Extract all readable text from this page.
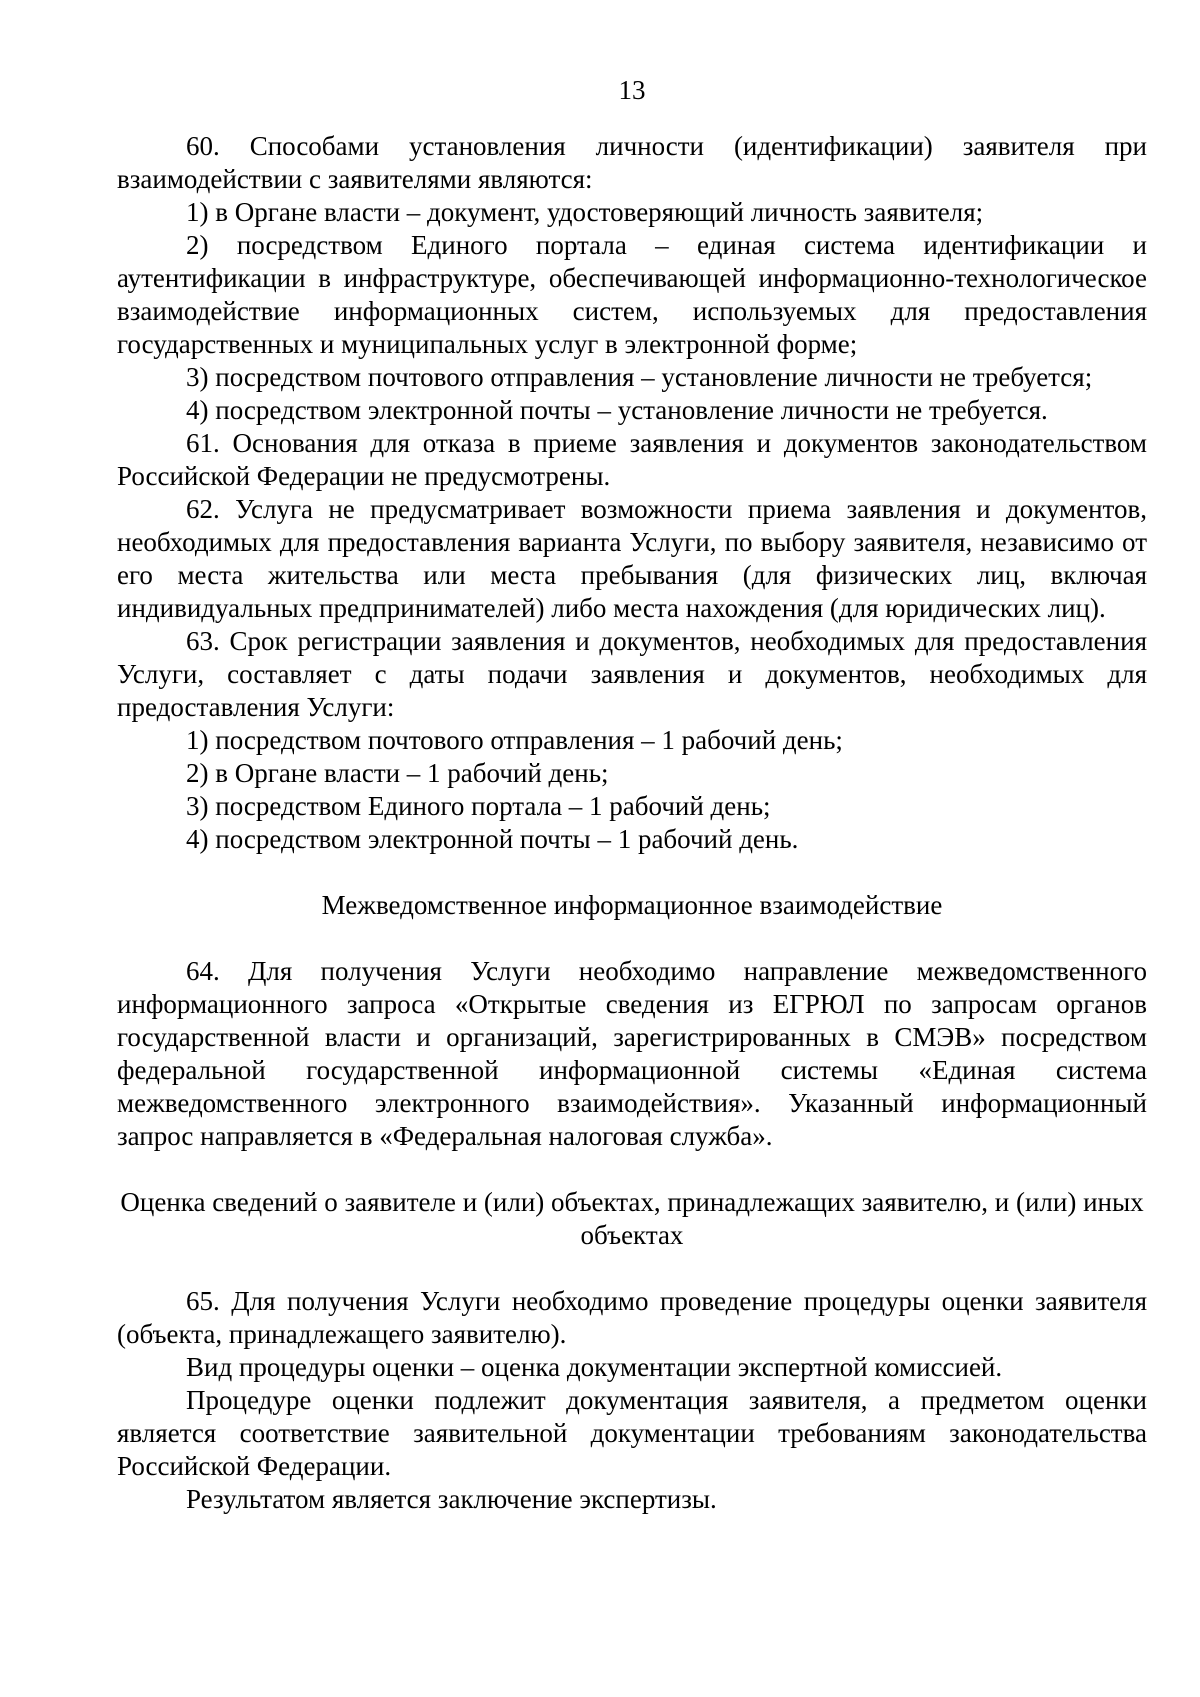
13

60. Способами установления личности (идентификации) заявителя при взаимодействии с заявителями являются:

1) в Органе власти – документ, удостоверяющий личность заявителя;

2) посредством Единого портала – единая система идентификации и аутентификации в инфраструктуре, обеспечивающей информационно-технологическое взаимодействие информационных систем, используемых для предоставления государственных и муниципальных услуг в электронной форме;

3) посредством почтового отправления – установление личности не требуется;

4) посредством электронной почты – установление личности не требуется.

61. Основания для отказа в приеме заявления и документов законодательством Российской Федерации не предусмотрены.

62. Услуга не предусматривает возможности приема заявления и документов, необходимых для предоставления варианта Услуги, по выбору заявителя, независимо от его места жительства или места пребывания (для физических лиц, включая индивидуальных предпринимателей) либо места нахождения (для юридических лиц).

63. Срок регистрации заявления и документов, необходимых для предоставления Услуги, составляет с даты подачи заявления и документов, необходимых для предоставления Услуги:

1) посредством почтового отправления – 1 рабочий день;

2) в Органе власти – 1 рабочий день;

3) посредством Единого портала – 1 рабочий день;

4) посредством электронной почты – 1 рабочий день.

Межведомственное информационное взаимодействие

64. Для получения Услуги необходимо направление межведомственного информационного запроса «Открытые сведения из ЕГРЮЛ по запросам органов государственной власти и организаций, зарегистрированных в СМЭВ» посредством федеральной государственной информационной системы «Единая система межведомственного электронного взаимодействия». Указанный информационный запрос направляется в «Федеральная налоговая служба».

Оценка сведений о заявителе и (или) объектах, принадлежащих заявителю, и (или) иных объектах

65. Для получения Услуги необходимо проведение процедуры оценки заявителя (объекта, принадлежащего заявителю).

Вид процедуры оценки – оценка документации экспертной комиссией.

Процедуре оценки подлежит документация заявителя, а предметом оценки является соответствие заявительной документации требованиям законодательства Российской Федерации.

Результатом является заключение экспертизы.
